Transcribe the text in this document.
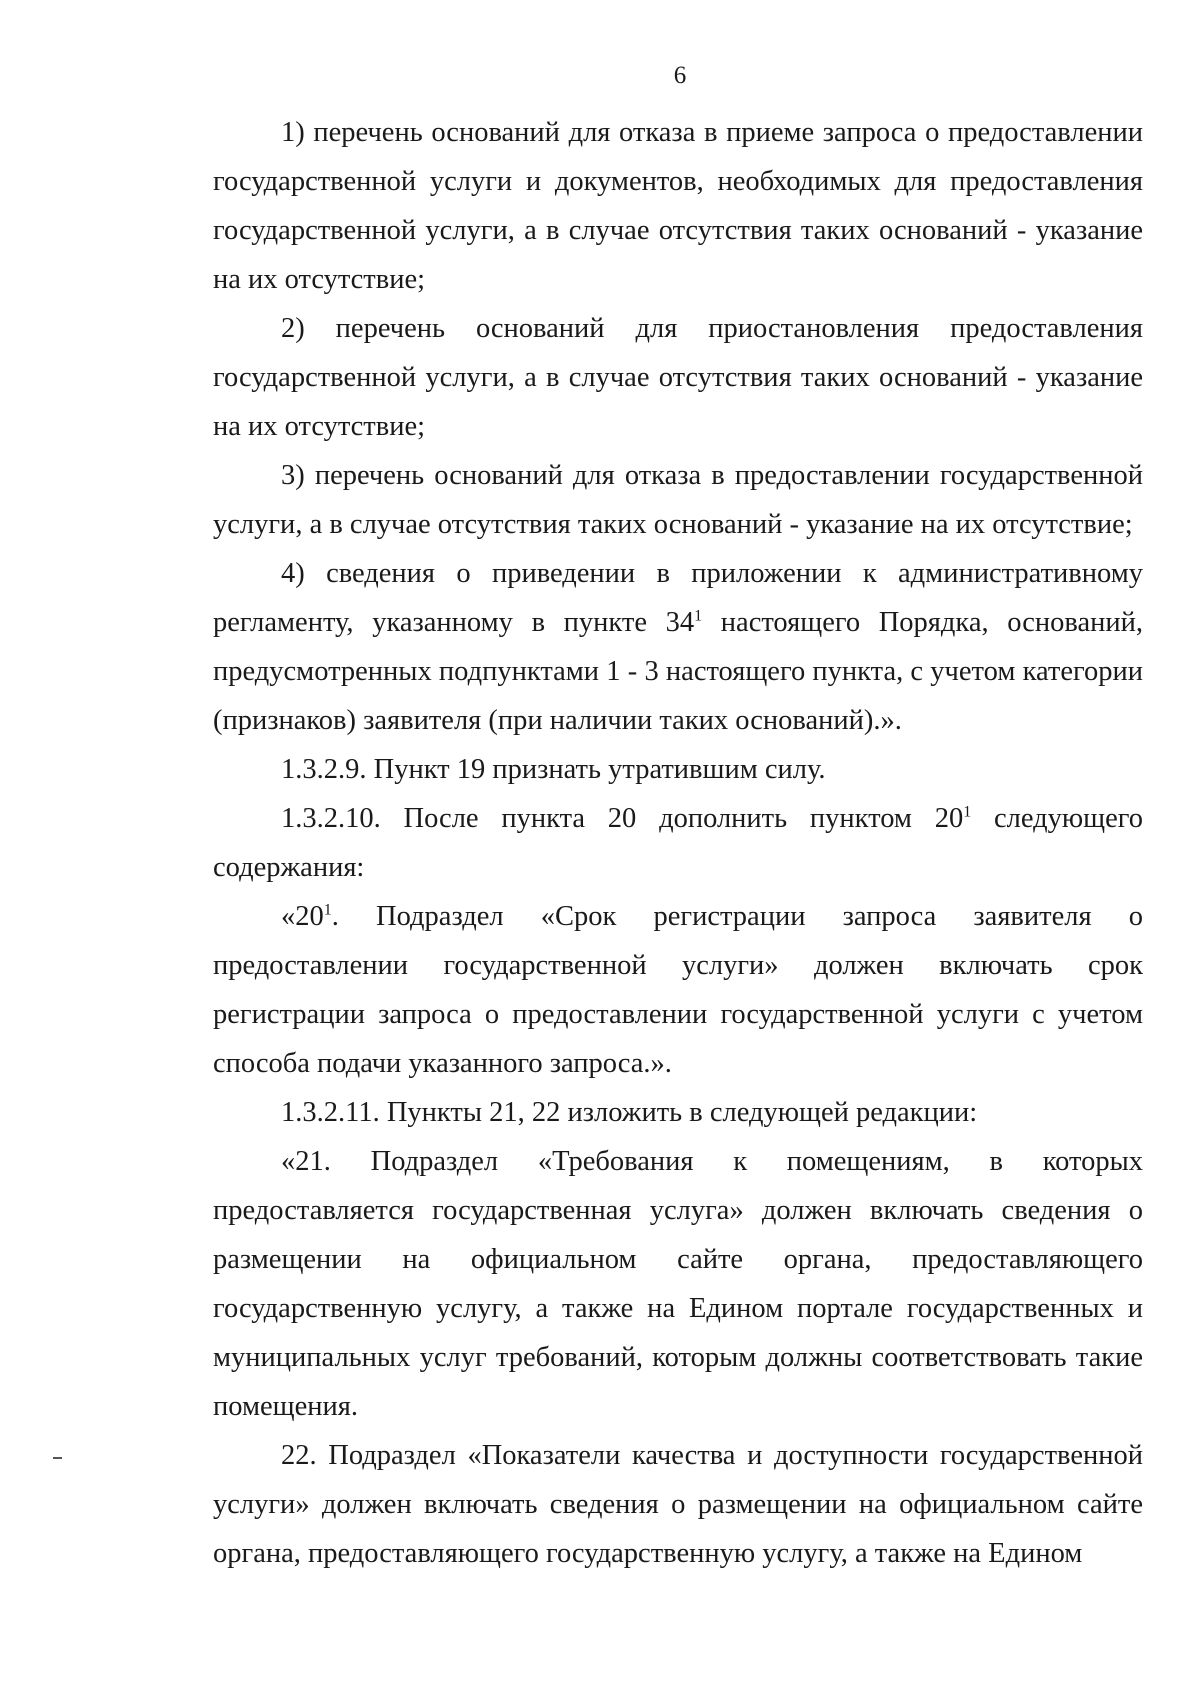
6

1) перечень оснований для отказа в приеме запроса о предоставлении государственной услуги и документов, необходимых для предоставления государственной услуги, а в случае отсутствия таких оснований - указание на их отсутствие;

2) перечень оснований для приостановления предоставления государственной услуги, а в случае отсутствия таких оснований - указание на их отсутствие;

3) перечень оснований для отказа в предоставлении государственной услуги, а в случае отсутствия таких оснований - указание на их отсутствие;

4) сведения о приведении в приложении к административному регламенту, указанному в пункте $34^1$ настоящего Порядка, оснований, предусмотренных подпунктами 1 - 3 настоящего пункта, с учетом категории (признаков) заявителя (при наличии таких оснований).».

1.3.2.9. Пункт 19 признать утратившим силу.

1.3.2.10. После пункта 20 дополнить пунктом $20^1$ следующего содержания:

«$20^1$. Подраздел «Срок регистрации запроса заявителя о предоставлении государственной услуги» должен включать срок регистрации запроса о предоставлении государственной услуги с учетом способа подачи указанного запроса.».

1.3.2.11. Пункты 21, 22 изложить в следующей редакции:

«21. Подраздел «Требования к помещениям, в которых предоставляется государственная услуга» должен включать сведения о размещении на официальном сайте органа, предоставляющего государственную услугу, а также на Едином портале государственных и муниципальных услуг требований, которым должны соответствовать такие помещения.

22. Подраздел «Показатели качества и доступности государственной услуги» должен включать сведения о размещении на официальном сайте органа, предоставляющего государственную услугу, а также на Едином
